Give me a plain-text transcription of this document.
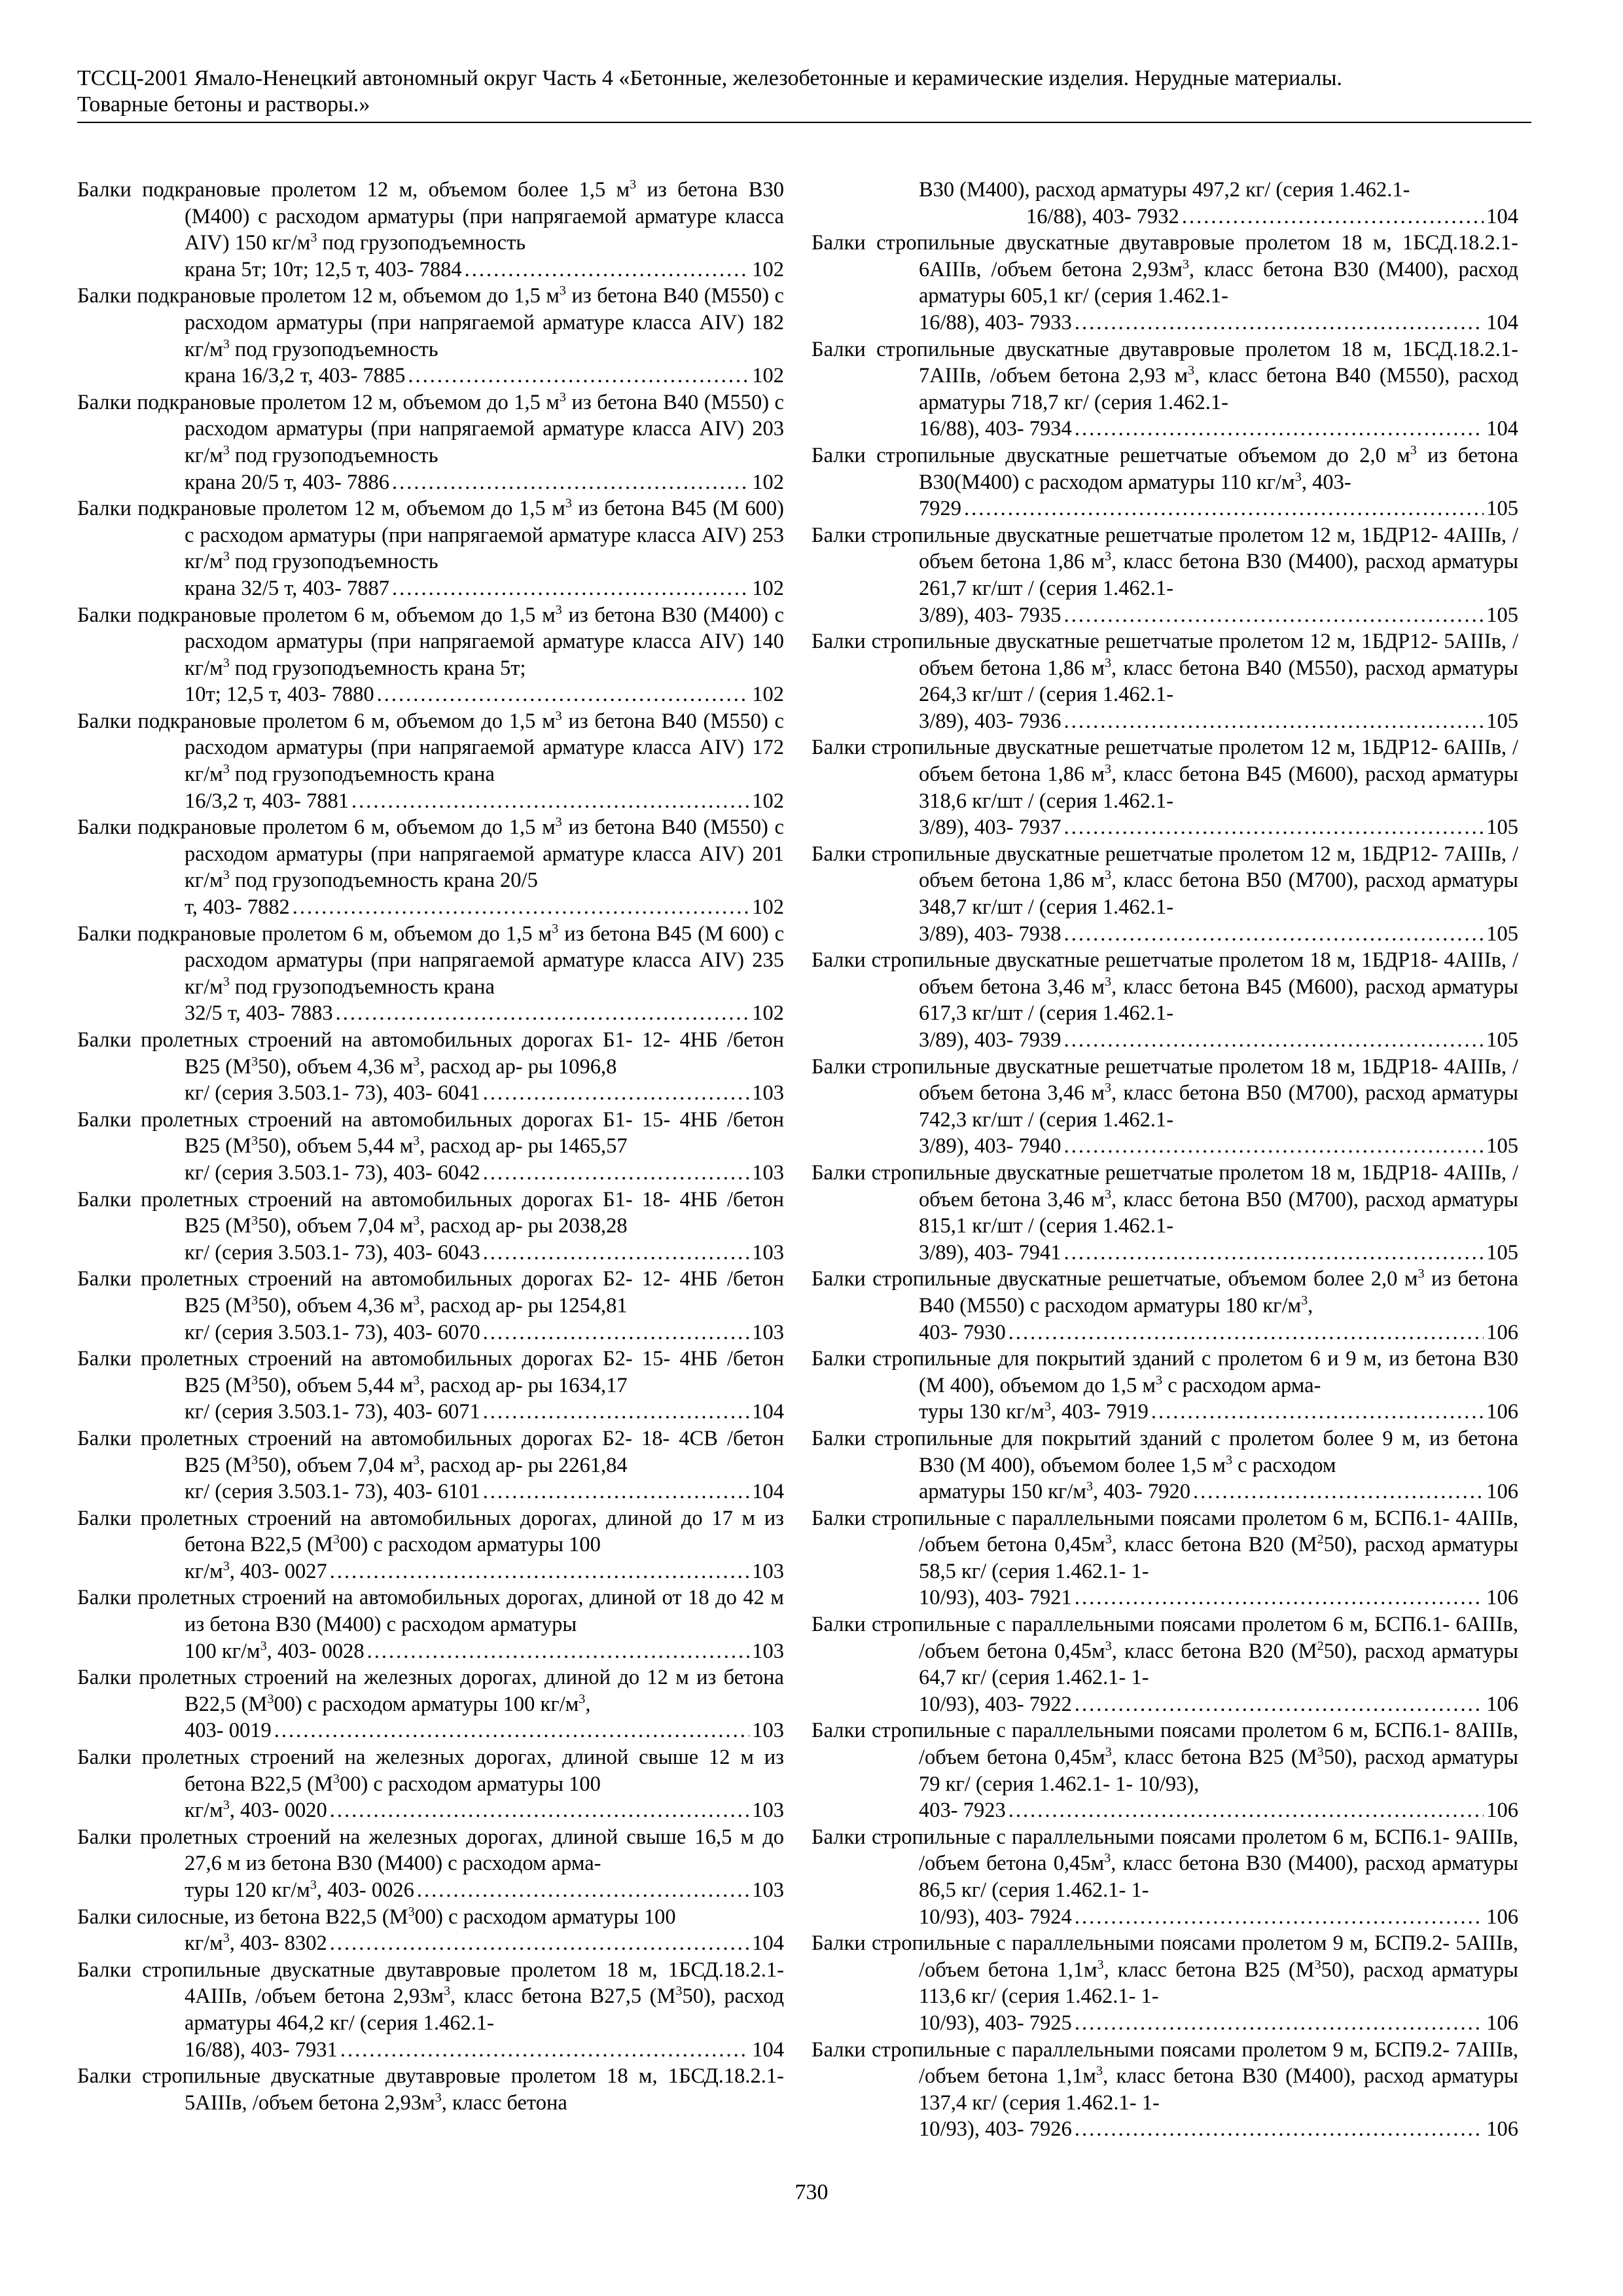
ТССЦ-2001 Ямало-Ненецкий автономный округ Часть 4 «Бетонные, железобетонные и керамические изделия. Нерудные материалы.
Товарные бетоны и растворы.»
Балки подкрановые пролетом 12 м, объемом более 1,5 $м^3$ из бетона В30 (М400) с расходом арматуры (при напрягаемой арматуре класса АIV) 150 $кг/м^3$ под грузоподъемность
крана 5т; 10т; 12,5 т, 403- 7884 .....	102
Балки подкрановые пролетом 12 м, объемом до 1,5 $м^3$ из бетона В40 (М550) с расходом арматуры (при напрягаемой арматуре класса АIV) 182 $кг/м^3$ под грузоподъемность
крана 16/3,2 т, 403- 7885 .....	102
Балки подкрановые пролетом 12 м, объемом до 1,5 $м^3$ из бетона В40 (М550) с расходом арматуры (при напрягаемой арматуре класса АIV) 203 $кг/м^3$ под грузоподъемность
крана 20/5 т, 403- 7886 .....	102
Балки подкрановые пролетом 12 м, объемом до 1,5 $м^3$ из бетона В45 (М 600) с расходом арматуры (при напрягаемой арматуре класса АIV) 253 $кг/м^3$ под грузоподъемность
крана 32/5 т, 403- 7887 .....	102
Балки подкрановые пролетом 6 м, объемом до 1,5 $м^3$ из бетона В30 (М400) с расходом арматуры (при напрягаемой арматуре класса АIV) 140 $кг/м^3$ под грузоподъемность крана 5т;
10т; 12,5 т, 403- 7880 .....	102
Балки подкрановые пролетом 6 м, объемом до 1,5 $м^3$ из бетона В40 (М550) с расходом арматуры (при напрягаемой арматуре класса АIV) 172 $кг/м^3$ под грузоподъемность крана
16/3,2 т, 403- 7881 .....	102
Балки подкрановые пролетом 6 м, объемом до 1,5 $м^3$ из бетона В40 (М550) с расходом арматуры (при напрягаемой арматуре класса АIV) 201 $кг/м^3$ под грузоподъемность крана 20/5
т, 403- 7882 .....	102
Балки подкрановые пролетом 6 м, объемом до 1,5 $м^3$ из бетона В45 (М 600) с расходом арматуры (при напрягаемой арматуре класса АIV) 235 $кг/м^3$ под грузоподъемность крана
32/5 т, 403- 7883 .....	102
Балки пролетных строений на автомобильных дорогах Б1- 12- 4НБ /бетон В25 $(М^350)$, объем 4,36 $м^3$, расход ар- ры 1096,8
кг/ (серия 3.503.1- 73), 403- 6041 .....	103
Балки пролетных строений на автомобильных дорогах Б1- 15- 4НБ /бетон В25 $(М^350)$, объем 5,44 $м^3$, расход ар- ры 1465,57
кг/ (серия 3.503.1- 73), 403- 6042 .....	103
Балки пролетных строений на автомобильных дорогах Б1- 18- 4НБ /бетон В25 $(М^350)$, объем 7,04 $м^3$, расход ар- ры 2038,28
кг/ (серия 3.503.1- 73), 403- 6043 .....	103
Балки пролетных строений на автомобильных дорогах Б2- 12- 4НБ /бетон В25 $(М^350)$, объем 4,36 $м^3$, расход ар- ры 1254,81
кг/ (серия 3.503.1- 73), 403- 6070 .....	103
Балки пролетных строений на автомобильных дорогах Б2- 15- 4НБ /бетон В25 $(М^350)$, объем 5,44 $м^3$, расход ар- ры 1634,17
кг/ (серия 3.503.1- 73), 403- 6071 .....	104
Балки пролетных строений на автомобильных дорогах Б2- 18- 4СВ /бетон В25 $(М^350)$, объем 7,04 $м^3$, расход ар- ры 2261,84
кг/ (серия 3.503.1- 73), 403- 6101 .....	104
Балки пролетных строений на автомобильных дорогах, длиной до 17 м из бетона В22,5 $(М^300)$ с расходом арматуры 100
$кг/м^3$, 403- 0027 .....	103
Балки пролетных строений на автомобильных дорогах, длиной от 18 до 42 м из бетона В30 (М400) с расходом арматуры
100 $кг/м^3$, 403- 0028 .....	103
Балки пролетных строений на железных дорогах, длиной до 12 м из бетона В22,5 $(М^300)$ с расходом арматуры 100 $кг/м^3$,
403- 0019 .....	103
Балки пролетных строений на железных дорогах, длиной свыше 12 м из бетона В22,5 $(М^300)$ с расходом арматуры 100
$кг/м^3$, 403- 0020 .....	103
Балки пролетных строений на железных дорогах, длиной свыше 16,5 м до 27,6 м из бетона В30 (М400) с расходом арма-
туры 120 $кг/м^3$, 403- 0026 .....	103
Балки силосные, из бетона В22,5 $(М^300)$ с расходом арматуры 100
$кг/м^3$, 403- 8302 .....	104
Балки стропильные двускатные двутавровые пролетом 18 м, 1БСД.18.2.1- 4АIIIв, /объем бетона $2,93м^3$, класс бетона В27,5 $(М^350)$, расход арматуры 464,2 кг/ (серия 1.462.1-
16/88), 403- 7931 .....	104
Балки стропильные двускатные двутавровые пролетом 18 м, 1БСД.18.2.1- 5АIIIв, /объем бетона $2,93м^3$, класс бетона
В30 (М400), расход арматуры 497,2 кг/ (серия 1.462.1-
16/88), 403- 7932 .....	104
Балки стропильные двускатные двутавровые пролетом 18 м, 1БСД.18.2.1- 6АIIIв, /объем бетона $2,93м^3$, класс бетона В30 (М400), расход арматуры 605,1 кг/ (серия 1.462.1-
16/88), 403- 7933 .....	104
Балки стропильные двускатные двутавровые пролетом 18 м, 1БСД.18.2.1- 7АIIIв, /объем бетона 2,93 $м^3$, класс бетона В40 (М550), расход арматуры 718,7 кг/ (серия 1.462.1-
16/88), 403- 7934 .....	104
Балки стропильные двускатные решетчатые объемом до 2,0 $м^3$ из бетона В30(М400) с расходом арматуры 110 $кг/м^3$, 403-
7929 .....	105
Балки стропильные двускатные решетчатые пролетом 12 м, 1БДР12- 4АIIIв, /объем бетона 1,86 $м^3$, класс бетона В30 (М400), расход арматуры 261,7 кг/шт / (серия 1.462.1-
3/89), 403- 7935 .....	105
Балки стропильные двускатные решетчатые пролетом 12 м, 1БДР12- 5АIIIв, /объем бетона 1,86 $м^3$, класс бетона В40 (М550), расход арматуры 264,3 кг/шт / (серия 1.462.1-
3/89), 403- 7936 .....	105
Балки стропильные двускатные решетчатые пролетом 12 м, 1БДР12- 6АIIIв, /объем бетона 1,86 $м^3$, класс бетона В45 (М600), расход арматуры 318,6 кг/шт / (серия 1.462.1-
3/89), 403- 7937 .....	105
Балки стропильные двускатные решетчатые пролетом 12 м, 1БДР12- 7АIIIв, /объем бетона 1,86 $м^3$, класс бетона В50 (М700), расход арматуры 348,7 кг/шт / (серия 1.462.1-
3/89), 403- 7938 .....	105
Балки стропильные двускатные решетчатые пролетом 18 м, 1БДР18- 4АIIIв, /объем бетона 3,46 $м^3$, класс бетона В45 (М600), расход арматуры 617,3 кг/шт / (серия 1.462.1-
3/89), 403- 7939 .....	105
Балки стропильные двускатные решетчатые пролетом 18 м, 1БДР18- 4АIIIв, /объем бетона 3,46 $м^3$, класс бетона В50 (М700), расход арматуры 742,3 кг/шт / (серия 1.462.1-
3/89), 403- 7940 .....	105
Балки стропильные двускатные решетчатые пролетом 18 м, 1БДР18- 4АIIIв, /объем бетона 3,46 $м^3$, класс бетона В50 (М700), расход арматуры 815,1 кг/шт / (серия 1.462.1-
3/89), 403- 7941 .....	105
Балки стропильные двускатные решетчатые, объемом более 2,0 $м^3$ из бетона В40 (М550) с расходом арматуры 180 $кг/м^3$,
403- 7930 .....	106
Балки стропильные для покрытий зданий с пролетом 6 и 9 м, из бетона В30 (М 400), объемом до 1,5 $м^3$ с расходом арма-
туры 130 $кг/м^3$, 403- 7919 .....	106
Балки стропильные для покрытий зданий с пролетом более 9 м, из бетона В30 (М 400), объемом более 1,5 $м^3$ с расходом
арматуры 150 $кг/м^3$, 403- 7920 .....	106
Балки стропильные с параллельными поясами пролетом 6 м, БСП6.1- 4АIIIв, /объем бетона $0,45м^3$, класс бетона В20 $(М^250)$, расход арматуры 58,5 кг/ (серия 1.462.1- 1-
10/93), 403- 7921 .....	106
Балки стропильные с параллельными поясами пролетом 6 м, БСП6.1- 6АIIIв, /объем бетона $0,45м^3$, класс бетона В20 $(М^250)$, расход арматуры 64,7 кг/ (серия 1.462.1- 1-
10/93), 403- 7922 .....	106
Балки стропильные с параллельными поясами пролетом 6 м, БСП6.1- 8АIIIв, /объем бетона $0,45м^3$, класс бетона В25 $(М^350)$, расход арматуры 79 кг/ (серия 1.462.1- 1- 10/93),
403- 7923 .....	106
Балки стропильные с параллельными поясами пролетом 6 м, БСП6.1- 9АIIIв, /объем бетона $0,45м^3$, класс бетона В30 (М400), расход арматуры 86,5 кг/ (серия 1.462.1- 1-
10/93), 403- 7924 .....	106
Балки стропильные с параллельными поясами пролетом 9 м, БСП9.2- 5АIIIв, /объем бетона $1,1м^3$, класс бетона В25 $(М^350)$, расход арматуры 113,6 кг/ (серия 1.462.1- 1-
10/93), 403- 7925 .....	106
Балки стропильные с параллельными поясами пролетом 9 м, БСП9.2- 7АIIIв, /объем бетона $1,1м^3$, класс бетона В30 (М400), расход арматуры 137,4 кг/ (серия 1.462.1- 1-
10/93), 403- 7926 .....	106
730
